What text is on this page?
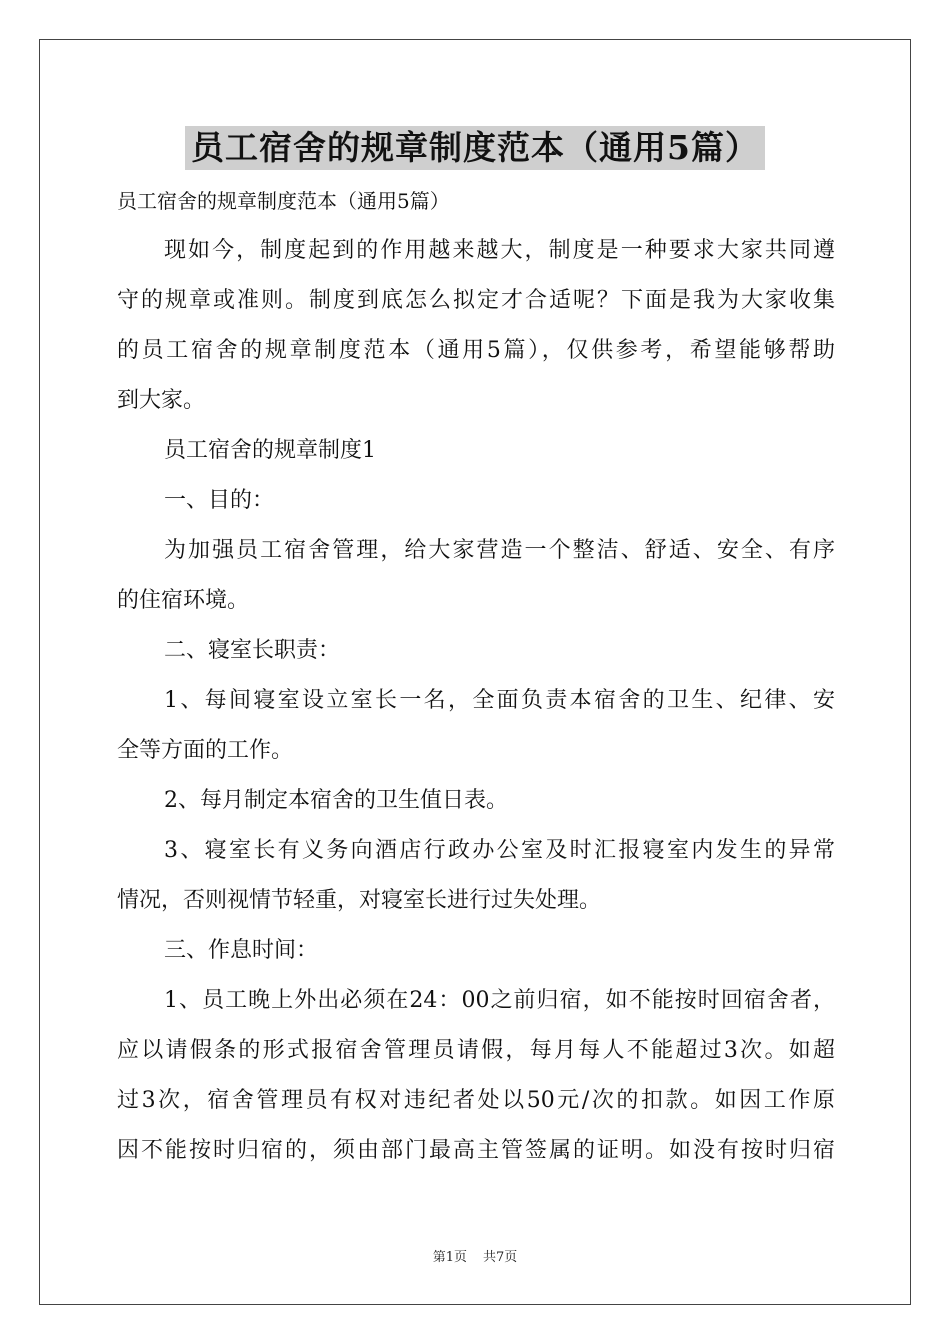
员工宿舍的规章制度范本（通用5篇）
员工宿舍的规章制度范本（通用5篇）
现如今，制度起到的作用越来越大，制度是一种要求大家共同遵
守的规章或准则。制度到底怎么拟定才合适呢？下面是我为大家收集
的员工宿舍的规章制度范本（通用5篇），仅供参考，希望能够帮助
到大家。
员工宿舍的规章制度1
一、目的：
为加强员工宿舍管理，给大家营造一个整洁、舒适、安全、有序
的住宿环境。
二、寝室长职责：
1、每间寝室设立室长一名，全面负责本宿舍的卫生、纪律、安
全等方面的工作。
2、每月制定本宿舍的卫生值日表。
3、寝室长有义务向酒店行政办公室及时汇报寝室内发生的异常
情况，否则视情节轻重，对寝室长进行过失处理。
三、作息时间：
1、员工晚上外出必须在24：00之前归宿，如不能按时回宿舍者，
应以请假条的形式报宿舍管理员请假，每月每人不能超过3次。如超
过3次，宿舍管理员有权对违纪者处以50元/次的扣款。如因工作原
因不能按时归宿的，须由部门最高主管签属的证明。如没有按时归宿
第1页 共7页
